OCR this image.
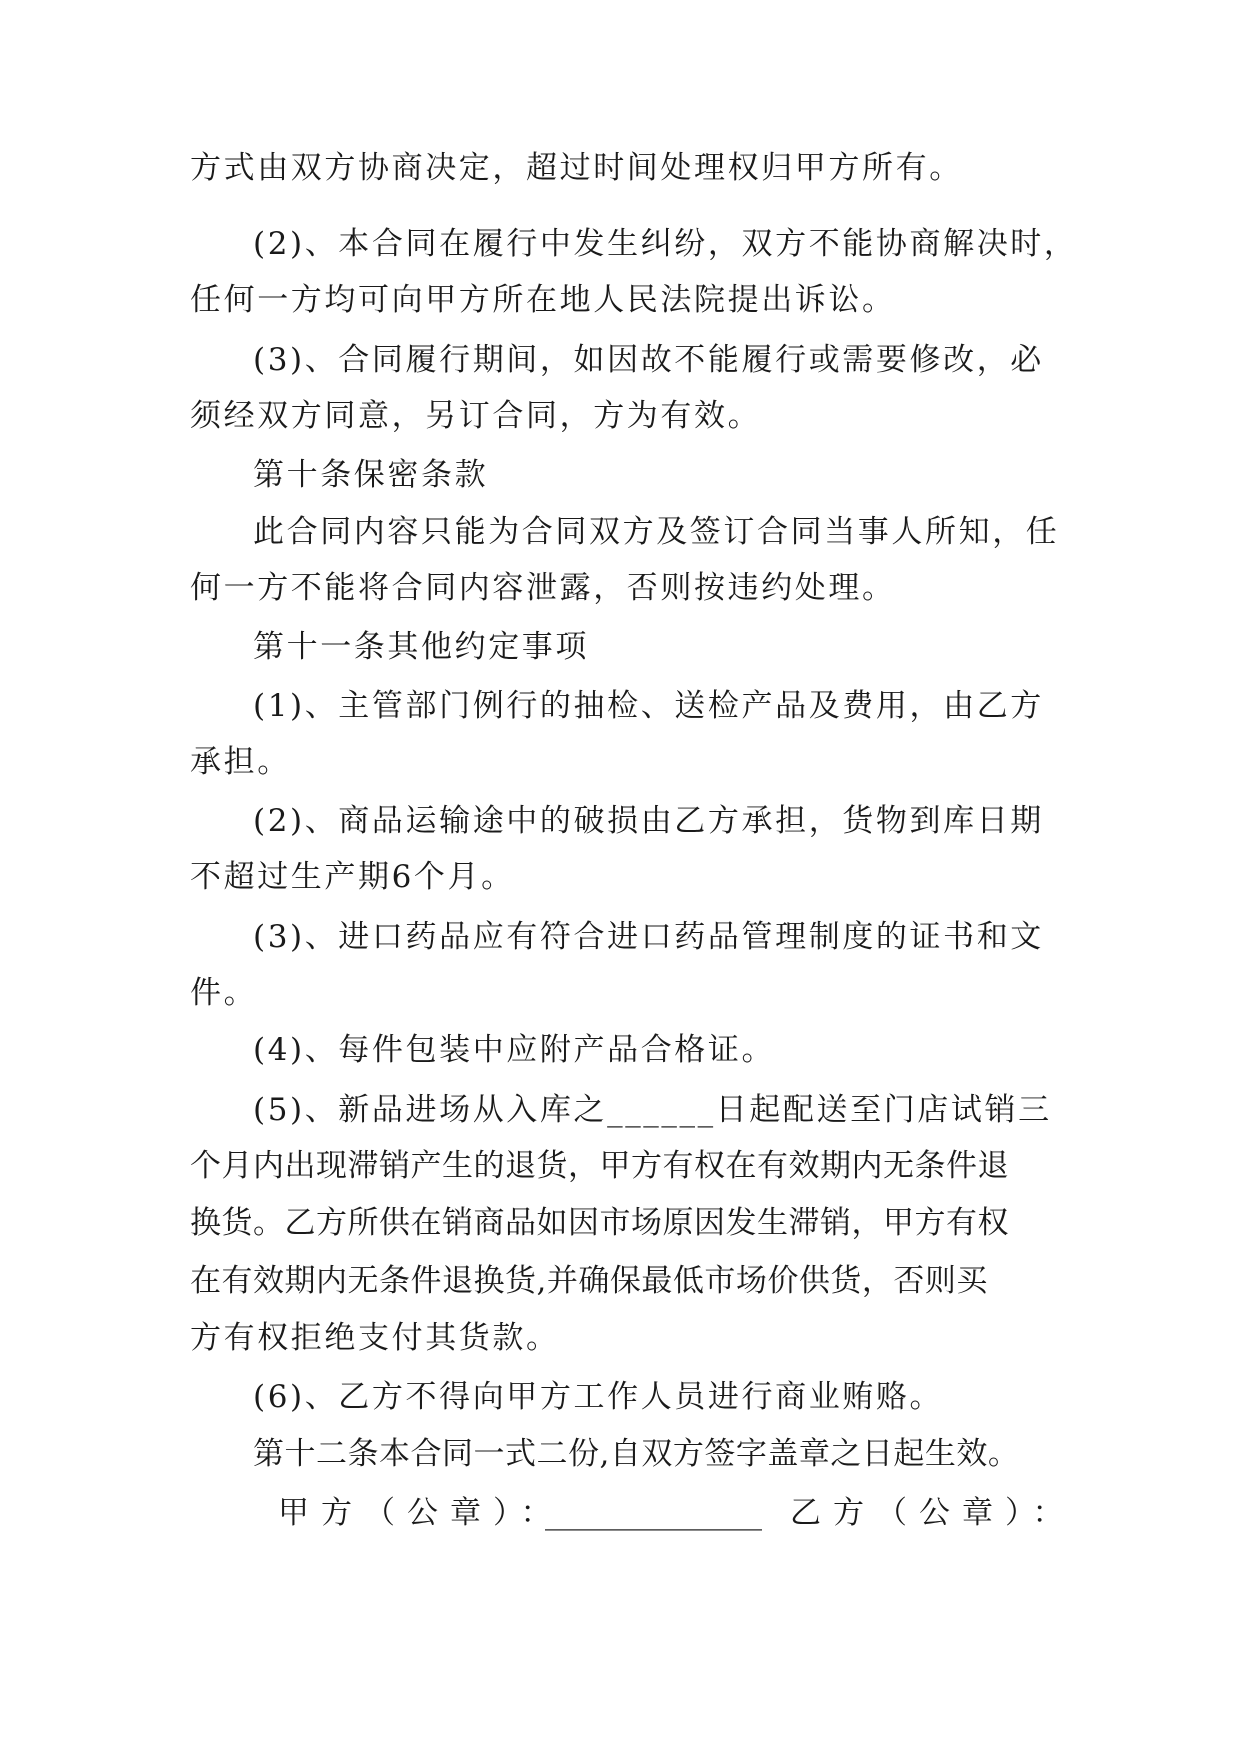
方式由双方协商决定，超过时间处理权归甲方所有。
(2)、本合同在履行中发生纠纷，双方不能协商解决时，
任何一方均可向甲方所在地人民法院提出诉讼。
(3)、合同履行期间，如因故不能履行或需要修改，必
须经双方同意，另订合同，方为有效。
第十条保密条款
此合同内容只能为合同双方及签订合同当事人所知，任
何一方不能将合同内容泄露，否则按违约处理。
第十一条其他约定事项
(1)、主管部门例行的抽检、送检产品及费用，由乙方
承担。
(2)、商品运输途中的破损由乙方承担，货物到库日期
不超过生产期6个月。
(3)、进口药品应有符合进口药品管理制度的证书和文
件。
(4)、每件包装中应附产品合格证。
(5)、新品进场从入库之______日起配送至门店试销三
个月内出现滞销产生的退货，甲方有权在有效期内无条件退
换货。乙方所供在销商品如因市场原因发生滞销，甲方有权
在有效期内无条件退换货,并确保最低市场价供货，否则买
方有权拒绝支付其货款。
(6)、乙方不得向甲方工作人员进行商业贿赂。
第十二条本合同一式二份,自双方签字盖章之日起生效。
甲方（公章）：
______________ 乙方（公章）：
